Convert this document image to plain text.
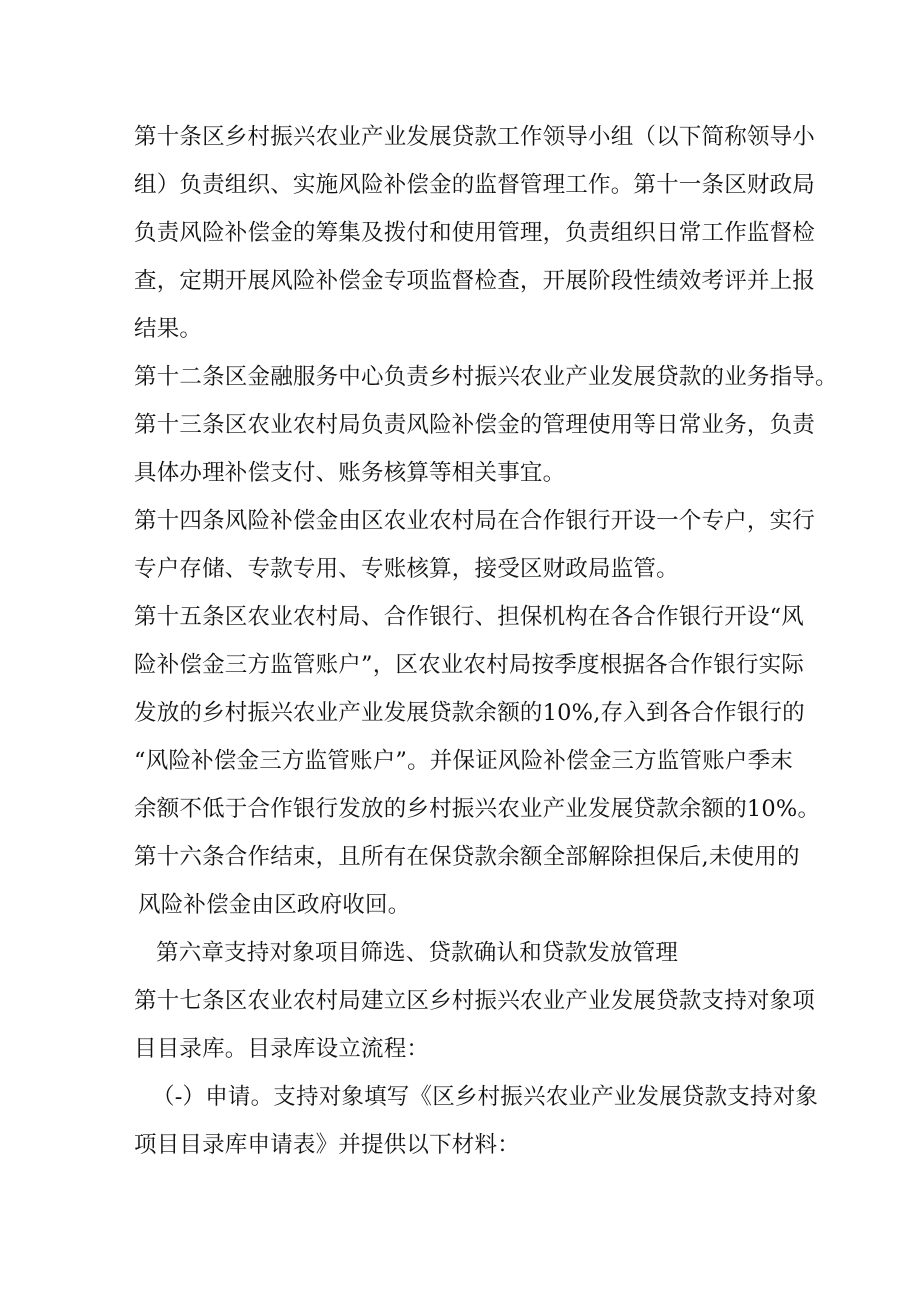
第十条区乡村振兴农业产业发展贷款工作领导小组（以下简称领导小
组）负责组织、实施风险补偿金的监督管理工作。第十一条区财政局
负责风险补偿金的筹集及拨付和使用管理，负责组织日常工作监督检
查，定期开展风险补偿金专项监督检查，开展阶段性绩效考评并上报
结果。
第十二条区金融服务中心负责乡村振兴农业产业发展贷款的业务指导。
第十三条区农业农村局负责风险补偿金的管理使用等日常业务，负责
具体办理补偿支付、账务核算等相关事宜。
第十四条风险补偿金由区农业农村局在合作银行开设一个专户，实行
专户存储、专款专用、专账核算，接受区财政局监管。
第十五条区农业农村局、合作银行、担保机构在各合作银行开设“风
险补偿金三方监管账户”，区农业农村局按季度根据各合作银行实际
发放的乡村振兴农业产业发展贷款余额的10%,存入到各合作银行的
“风险补偿金三方监管账户”。并保证风险补偿金三方监管账户季末
余额不低于合作银行发放的乡村振兴农业产业发展贷款余额的10%。
第十六条合作结束，且所有在保贷款余额全部解除担保后,未使用的
风险补偿金由区政府收回。
第六章支持对象项目筛选、贷款确认和贷款发放管理
第十七条区农业农村局建立区乡村振兴农业产业发展贷款支持对象项
目目录库。目录库设立流程：
（-）申请。支持对象填写《区乡村振兴农业产业发展贷款支持对象
项目目录库申请表》并提供以下材料：
